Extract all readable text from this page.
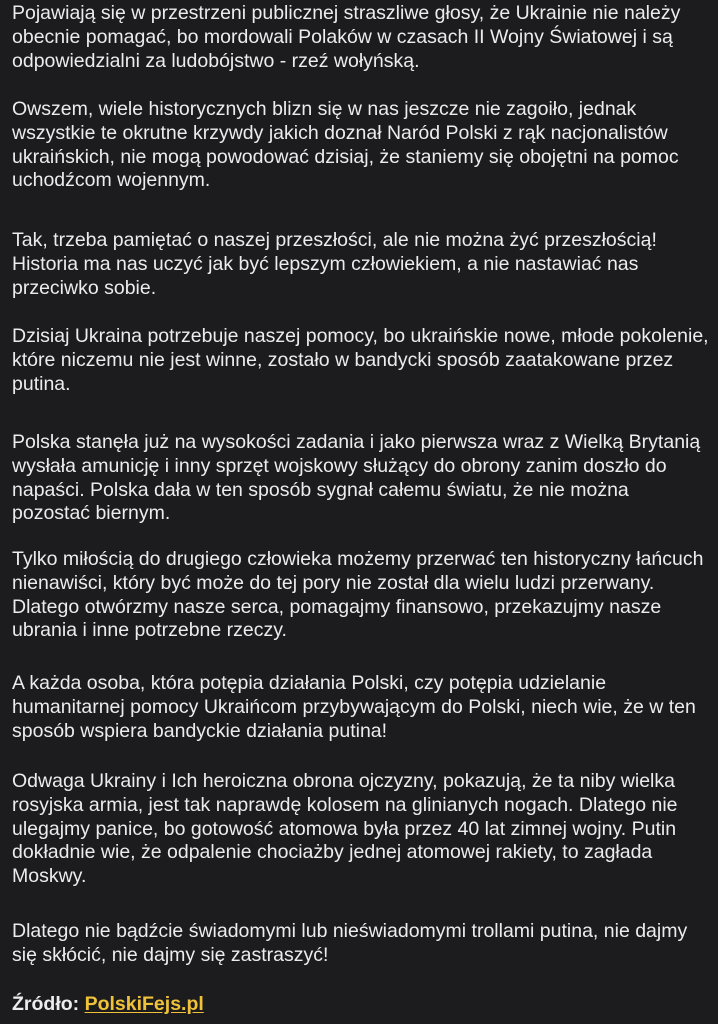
Pojawiają się w przestrzeni publicznej straszliwe głosy, że Ukrainie nie należy obecnie pomagać, bo mordowali Polaków w czasach II Wojny Światowej i są odpowiedzialni za ludobójstwo - rzeź wołyńską.

Owszem, wiele historycznych blizn się w nas jeszcze nie zagoiło, jednak wszystkie te okrutne krzywdy jakich doznał Naród Polski z rąk nacjonalistów ukraińskich, nie mogą powodować dzisiaj, że staniemy się obojętni na pomoc uchodźcom wojennym.

Tak, trzeba pamiętać o naszej przeszłości, ale nie można żyć przeszłością! Historia ma nas uczyć jak być lepszym człowiekiem, a nie nastawiać nas przeciwko sobie.

Dzisiaj Ukraina potrzebuje naszej pomocy, bo ukraińskie nowe, młode pokolenie, które niczemu nie jest winne, zostało w bandycki sposób zaatakowane przez putina.

Polska stanęła już na wysokości zadania i jako pierwsza wraz z Wielką Brytanią wysłała amunicję i inny sprzęt wojskowy służący do obrony zanim doszło do napaści. Polska dała w ten sposób sygnał całemu światu, że nie można pozostać biernym.

Tylko miłością do drugiego człowieka możemy przerwać ten historyczny łańcuch nienawiści, który być może do tej pory nie został dla wielu ludzi przerwany. Dlatego otwórzmy nasze serca, pomagajmy finansowo, przekazujmy nasze ubrania i inne potrzebne rzeczy.

A każda osoba, która potępia działania Polski, czy potępia udzielanie humanitarnej pomocy Ukraińcom przybywającym do Polski, niech wie, że w ten sposób wspiera bandyckie działania putina!

Odwaga Ukrainy i Ich heroiczna obrona ojczyzny, pokazują, że ta niby wielka rosyjska armia, jest tak naprawdę kolosem na glinianych nogach. Dlatego nie ulegajmy panice, bo gotowość atomowa była przez 40 lat zimnej wojny. Putin dokładnie wie, że odpalenie chociażby jednej atomowej rakiety, to zagłada Moskwy.

Dlatego nie bądźcie świadomymi lub nieświadomymi trollami putina, nie dajmy się skłócić, nie dajmy się zastraszyć!

Źródło: PolskiFejs.pl
